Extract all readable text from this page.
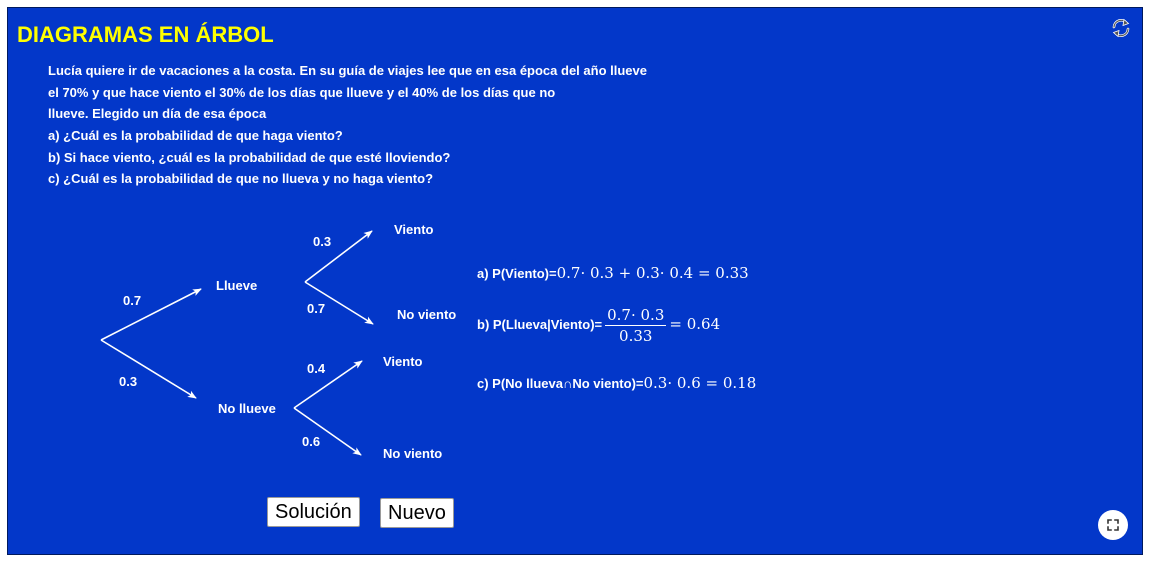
DIAGRAMAS EN ÁRBOL
Lucía quiere ir de vacaciones a la costa. En su guía de viajes lee que en esa época del año llueve
el 70% y que hace viento el 30% de los días que llueve y el 40% de los días que no
llueve. Elegido un día de esa época
a) ¿Cuál es la probabilidad de que haga viento?
b) Si hace viento, ¿cuál es la probabilidad de que esté lloviendo?
c) ¿Cuál es la probabilidad de que no llueva y no haga viento?
0.7
0.3
Llueve
No llueve
0.3
0.7
0.4
0.6
Viento
No viento
Viento
No viento
a) P(Viento)=0.7· 0.3 + 0.3· 0.4 = 0.33
b) P(Llueva|Viento)= $\frac{0.7\cdot 0.3}{0.33} = 0.64$
c) P(No llueva∩No viento)=0.3· 0.6 = 0.18
Solución	Nuevo
